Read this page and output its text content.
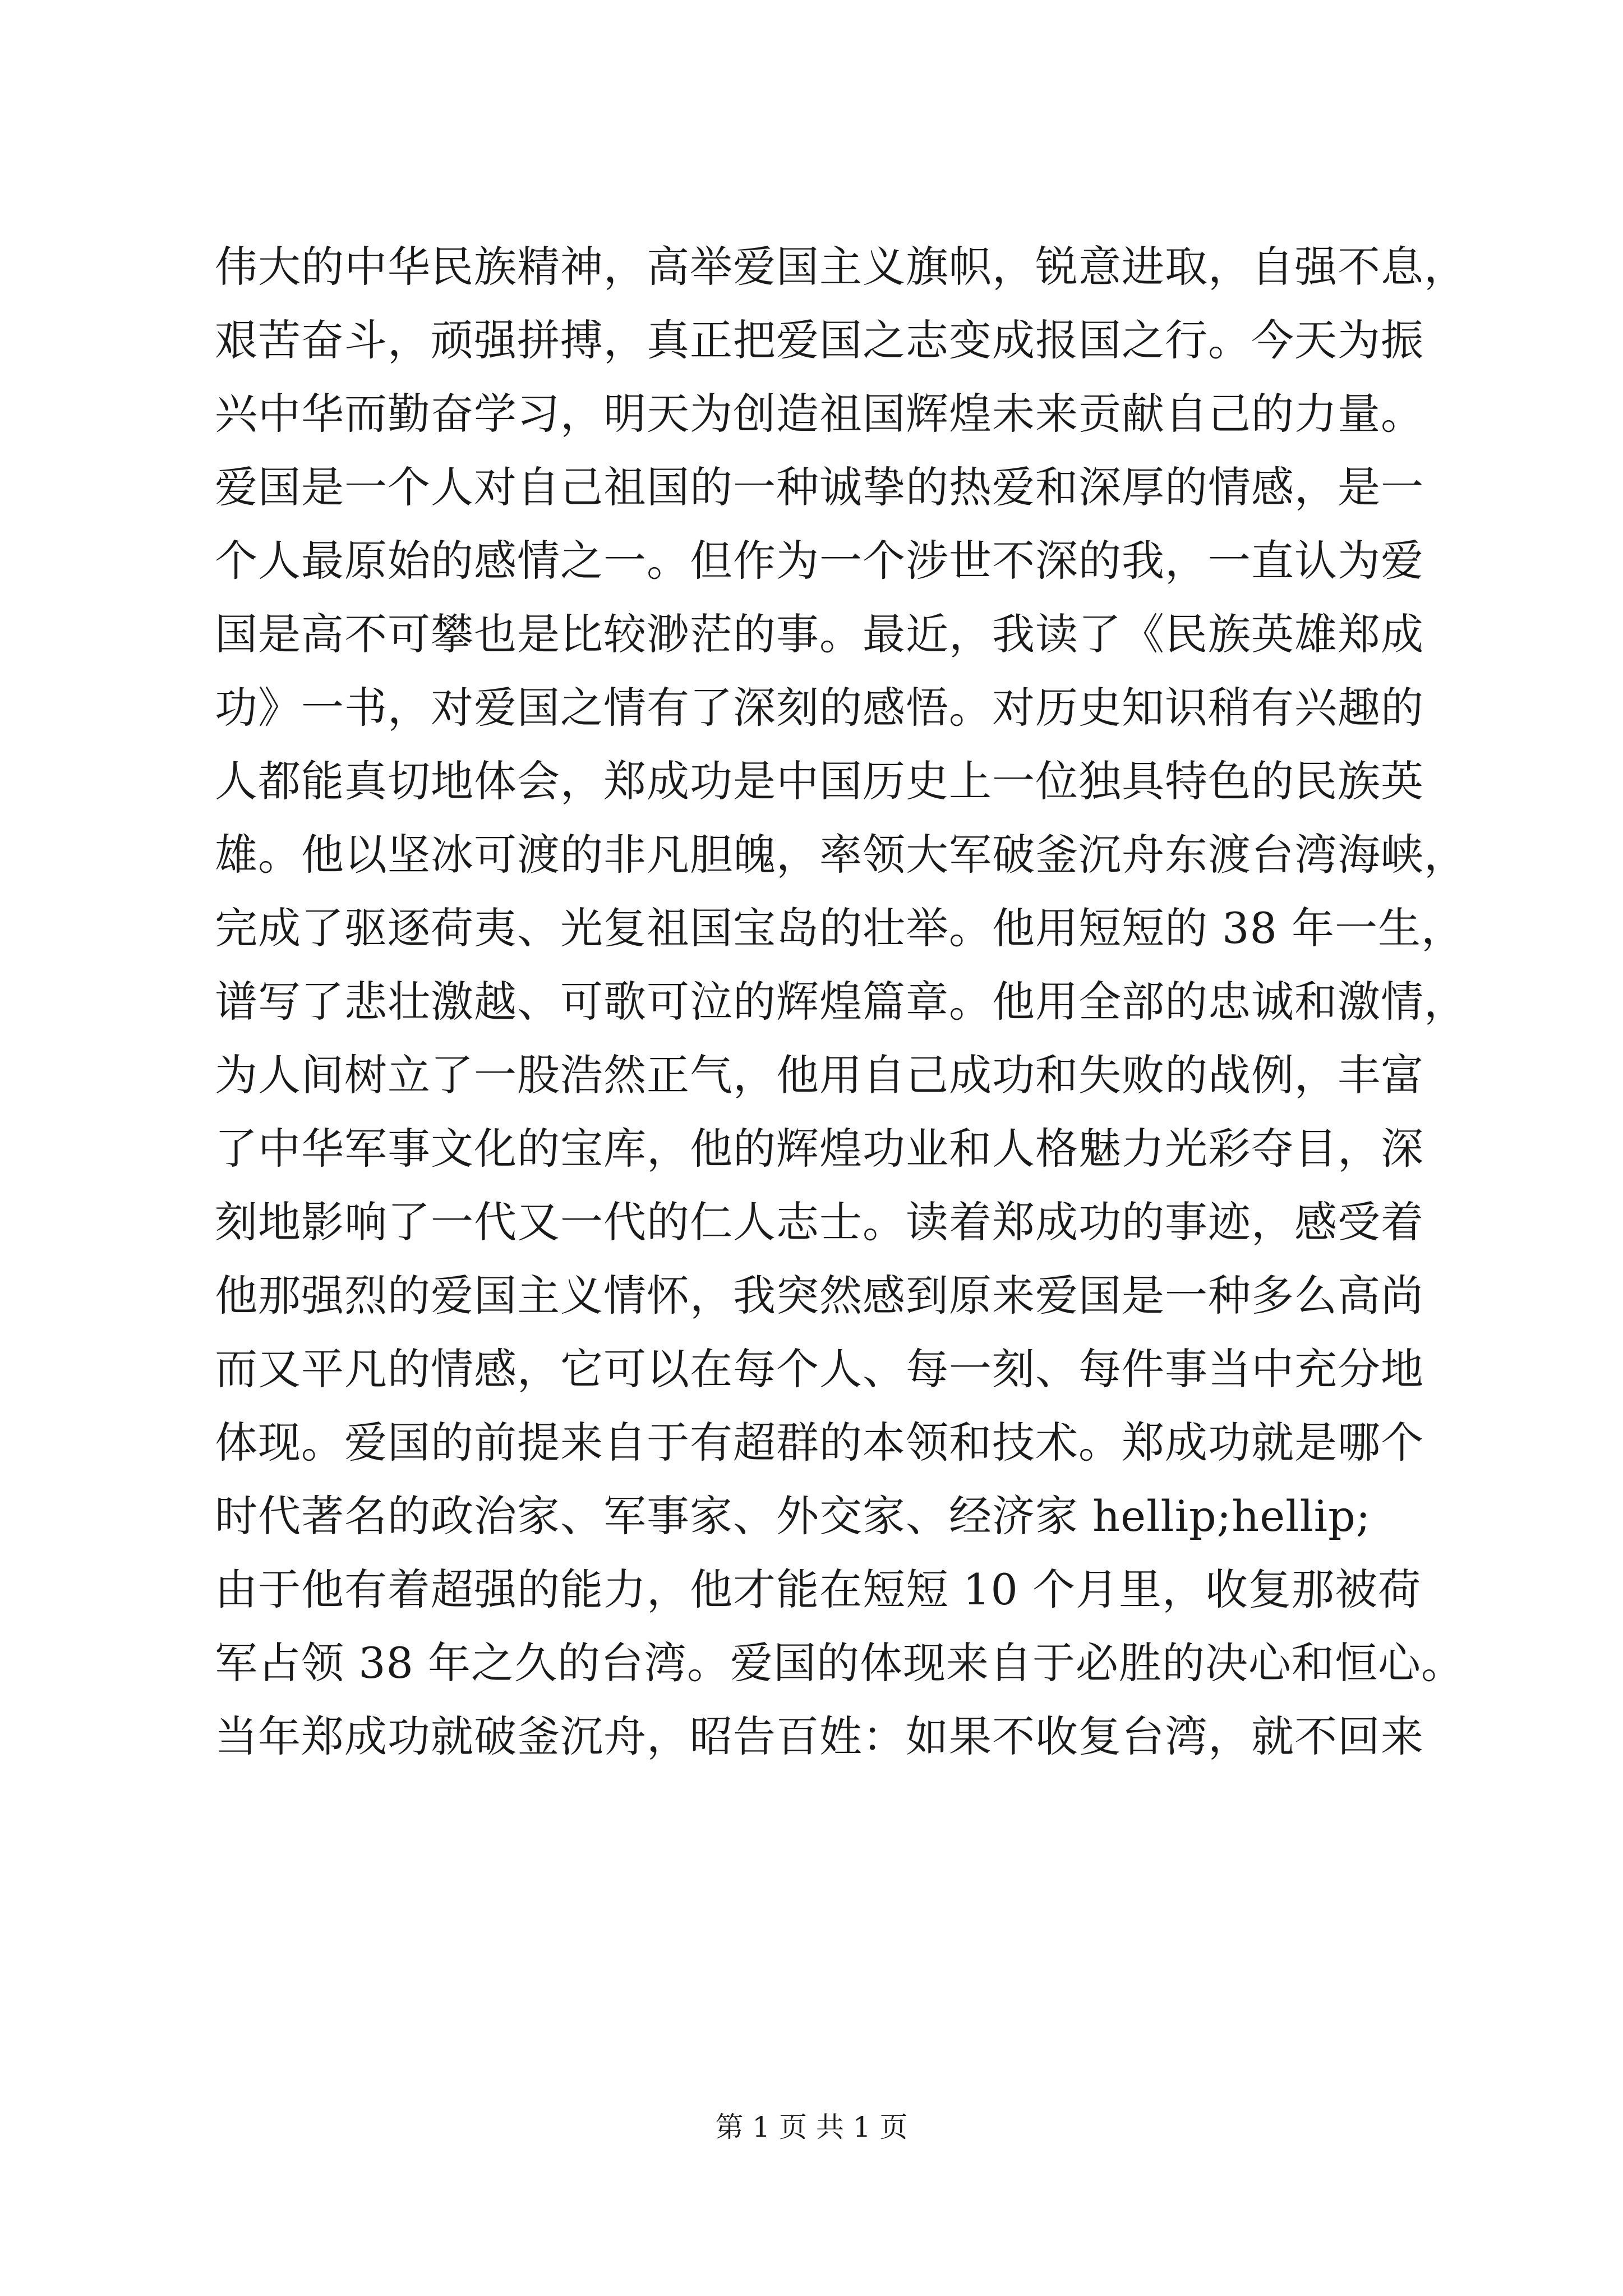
伟大的中华民族精神，高举爱国主义旗帜，锐意进取，自强不息，
艰苦奋斗，顽强拼搏，真正把爱国之志变成报国之行。今天为振
兴中华而勤奋学习，明天为创造祖国辉煌未来贡献自己的力量。
爱国是一个人对自己祖国的一种诚挚的热爱和深厚的情感，是一
个人最原始的感情之一。但作为一个涉世不深的我，一直认为爱
国是高不可攀也是比较渺茫的事。最近，我读了《民族英雄郑成
功》一书，对爱国之情有了深刻的感悟。对历史知识稍有兴趣的
人都能真切地体会，郑成功是中国历史上一位独具特色的民族英
雄。他以坚冰可渡的非凡胆魄，率领大军破釜沉舟东渡台湾海峡，
完成了驱逐荷夷、光复祖国宝岛的壮举。他用短短的 38 年一生，
谱写了悲壮激越、可歌可泣的辉煌篇章。他用全部的忠诚和激情，
为人间树立了一股浩然正气，他用自己成功和失败的战例，丰富
了中华军事文化的宝库，他的辉煌功业和人格魅力光彩夺目，深
刻地影响了一代又一代的仁人志士。读着郑成功的事迹，感受着
他那强烈的爱国主义情怀，我突然感到原来爱国是一种多么高尚
而又平凡的情感，它可以在每个人、每一刻、每件事当中充分地
体现。爱国的前提来自于有超群的本领和技术。郑成功就是哪个
时代著名的政治家、军事家、外交家、经济家 hellip;hellip;
由于他有着超强的能力，他才能在短短 10 个月里，收复那被荷
军占领 38 年之久的台湾。爱国的体现来自于必胜的决心和恒心。
当年郑成功就破釜沉舟，昭告百姓：如果不收复台湾，就不回来
第 1 页 共 1 页
